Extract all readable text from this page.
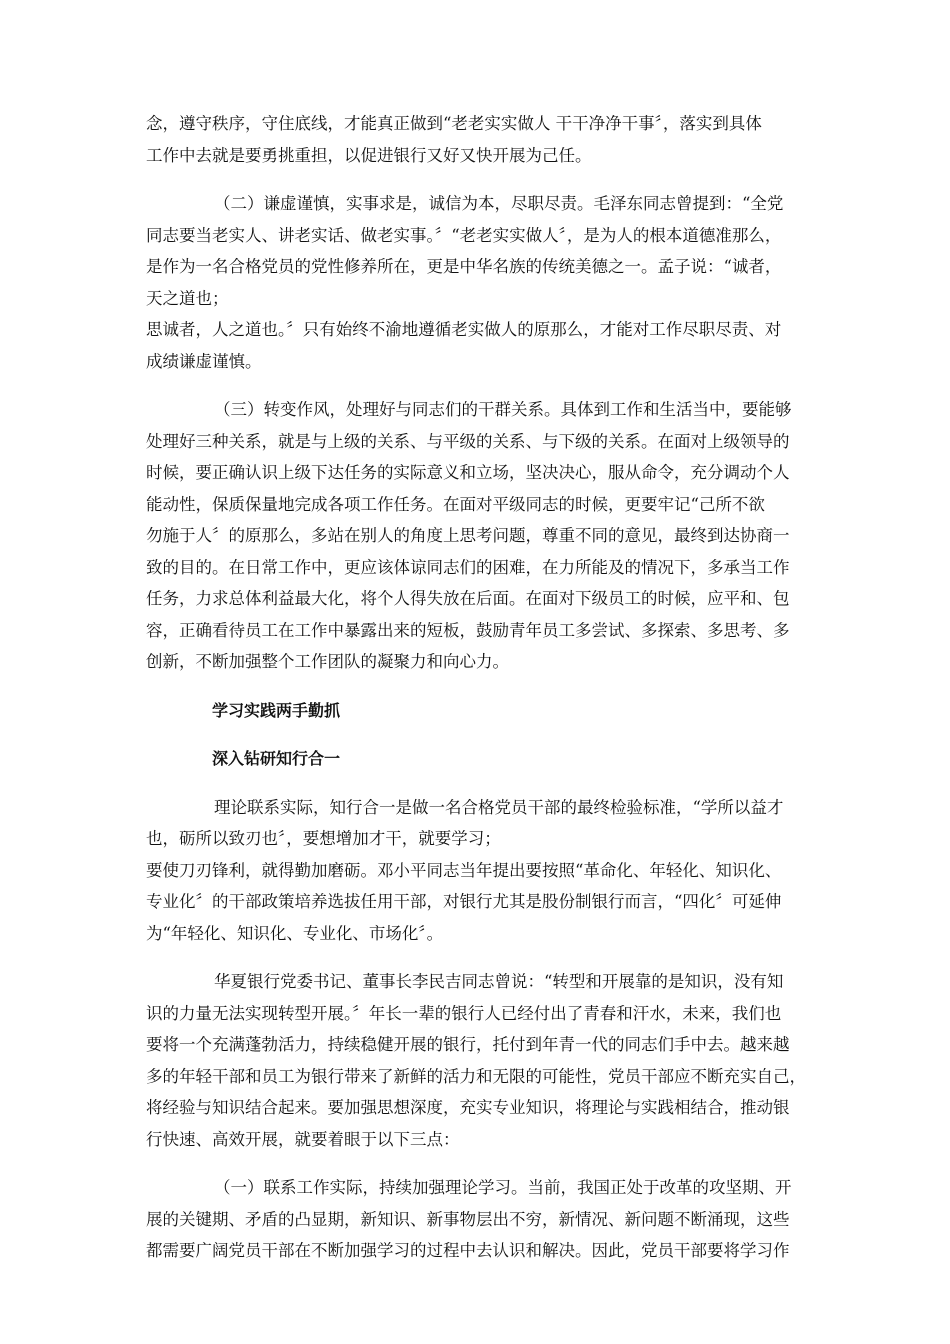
念，遵守秩序，守住底线，才能真正做到“老老实实做人 干干净净干事〞，落实到具体
工作中去就是要勇挑重担，以促进银行又好又快开展为己任。

（二）谦虚谨慎，实事求是，诚信为本，尽职尽责。毛泽东同志曾提到：“全党
同志要当老实人、讲老实话、做老实事。〞“老老实实做人〞，是为人的根本道德准那么，
是作为一名合格党员的党性修养所在，更是中华名族的传统美德之一。孟子说：“诚者，
天之道也；
思诚者，人之道也。〞只有始终不渝地遵循老实做人的原那么，才能对工作尽职尽责、对
成绩谦虚谨慎。

（三）转变作风，处理好与同志们的干群关系。具体到工作和生活当中，要能够
处理好三种关系，就是与上级的关系、与平级的关系、与下级的关系。在面对上级领导的
时候，要正确认识上级下达任务的实际意义和立场，坚决决心，服从命令，充分调动个人
能动性，保质保量地完成各项工作任务。在面对平级同志的时候，更要牢记“己所不欲
勿施于人〞的原那么，多站在别人的角度上思考问题，尊重不同的意见，最终到达协商一
致的目的。在日常工作中，更应该体谅同志们的困难，在力所能及的情况下，多承当工作
任务，力求总体利益最大化，将个人得失放在后面。在面对下级员工的时候，应平和、包
容，正确看待员工在工作中暴露出来的短板，鼓励青年员工多尝试、多探索、多思考、多
创新，不断加强整个工作团队的凝聚力和向心力。

学习实践两手勤抓

深入钻研知行合一

理论联系实际，知行合一是做一名合格党员干部的最终检验标准，“学所以益才
也，砺所以致刃也〞，要想增加才干，就要学习；
要使刀刃锋利，就得勤加磨砺。邓小平同志当年提出要按照“革命化、年轻化、知识化、
专业化〞的干部政策培养选拔任用干部，对银行尤其是股份制银行而言，“四化〞可延伸
为“年轻化、知识化、专业化、市场化〞。

华夏银行党委书记、董事长李民吉同志曾说：“转型和开展靠的是知识，没有知
识的力量无法实现转型开展。〞年长一辈的银行人已经付出了青春和汗水，未来，我们也
要将一个充满蓬勃活力，持续稳健开展的银行，托付到年青一代的同志们手中去。越来越
多的年轻干部和员工为银行带来了新鲜的活力和无限的可能性，党员干部应不断充实自己，
将经验与知识结合起来。要加强思想深度，充实专业知识，将理论与实践相结合，推动银
行快速、高效开展，就要着眼于以下三点：

（一）联系工作实际，持续加强理论学习。当前，我国正处于改革的攻坚期、开
展的关键期、矛盾的凸显期，新知识、新事物层出不穷，新情况、新问题不断涌现，这些
都需要广阔党员干部在不断加强学习的过程中去认识和解决。因此，党员干部要将学习作
